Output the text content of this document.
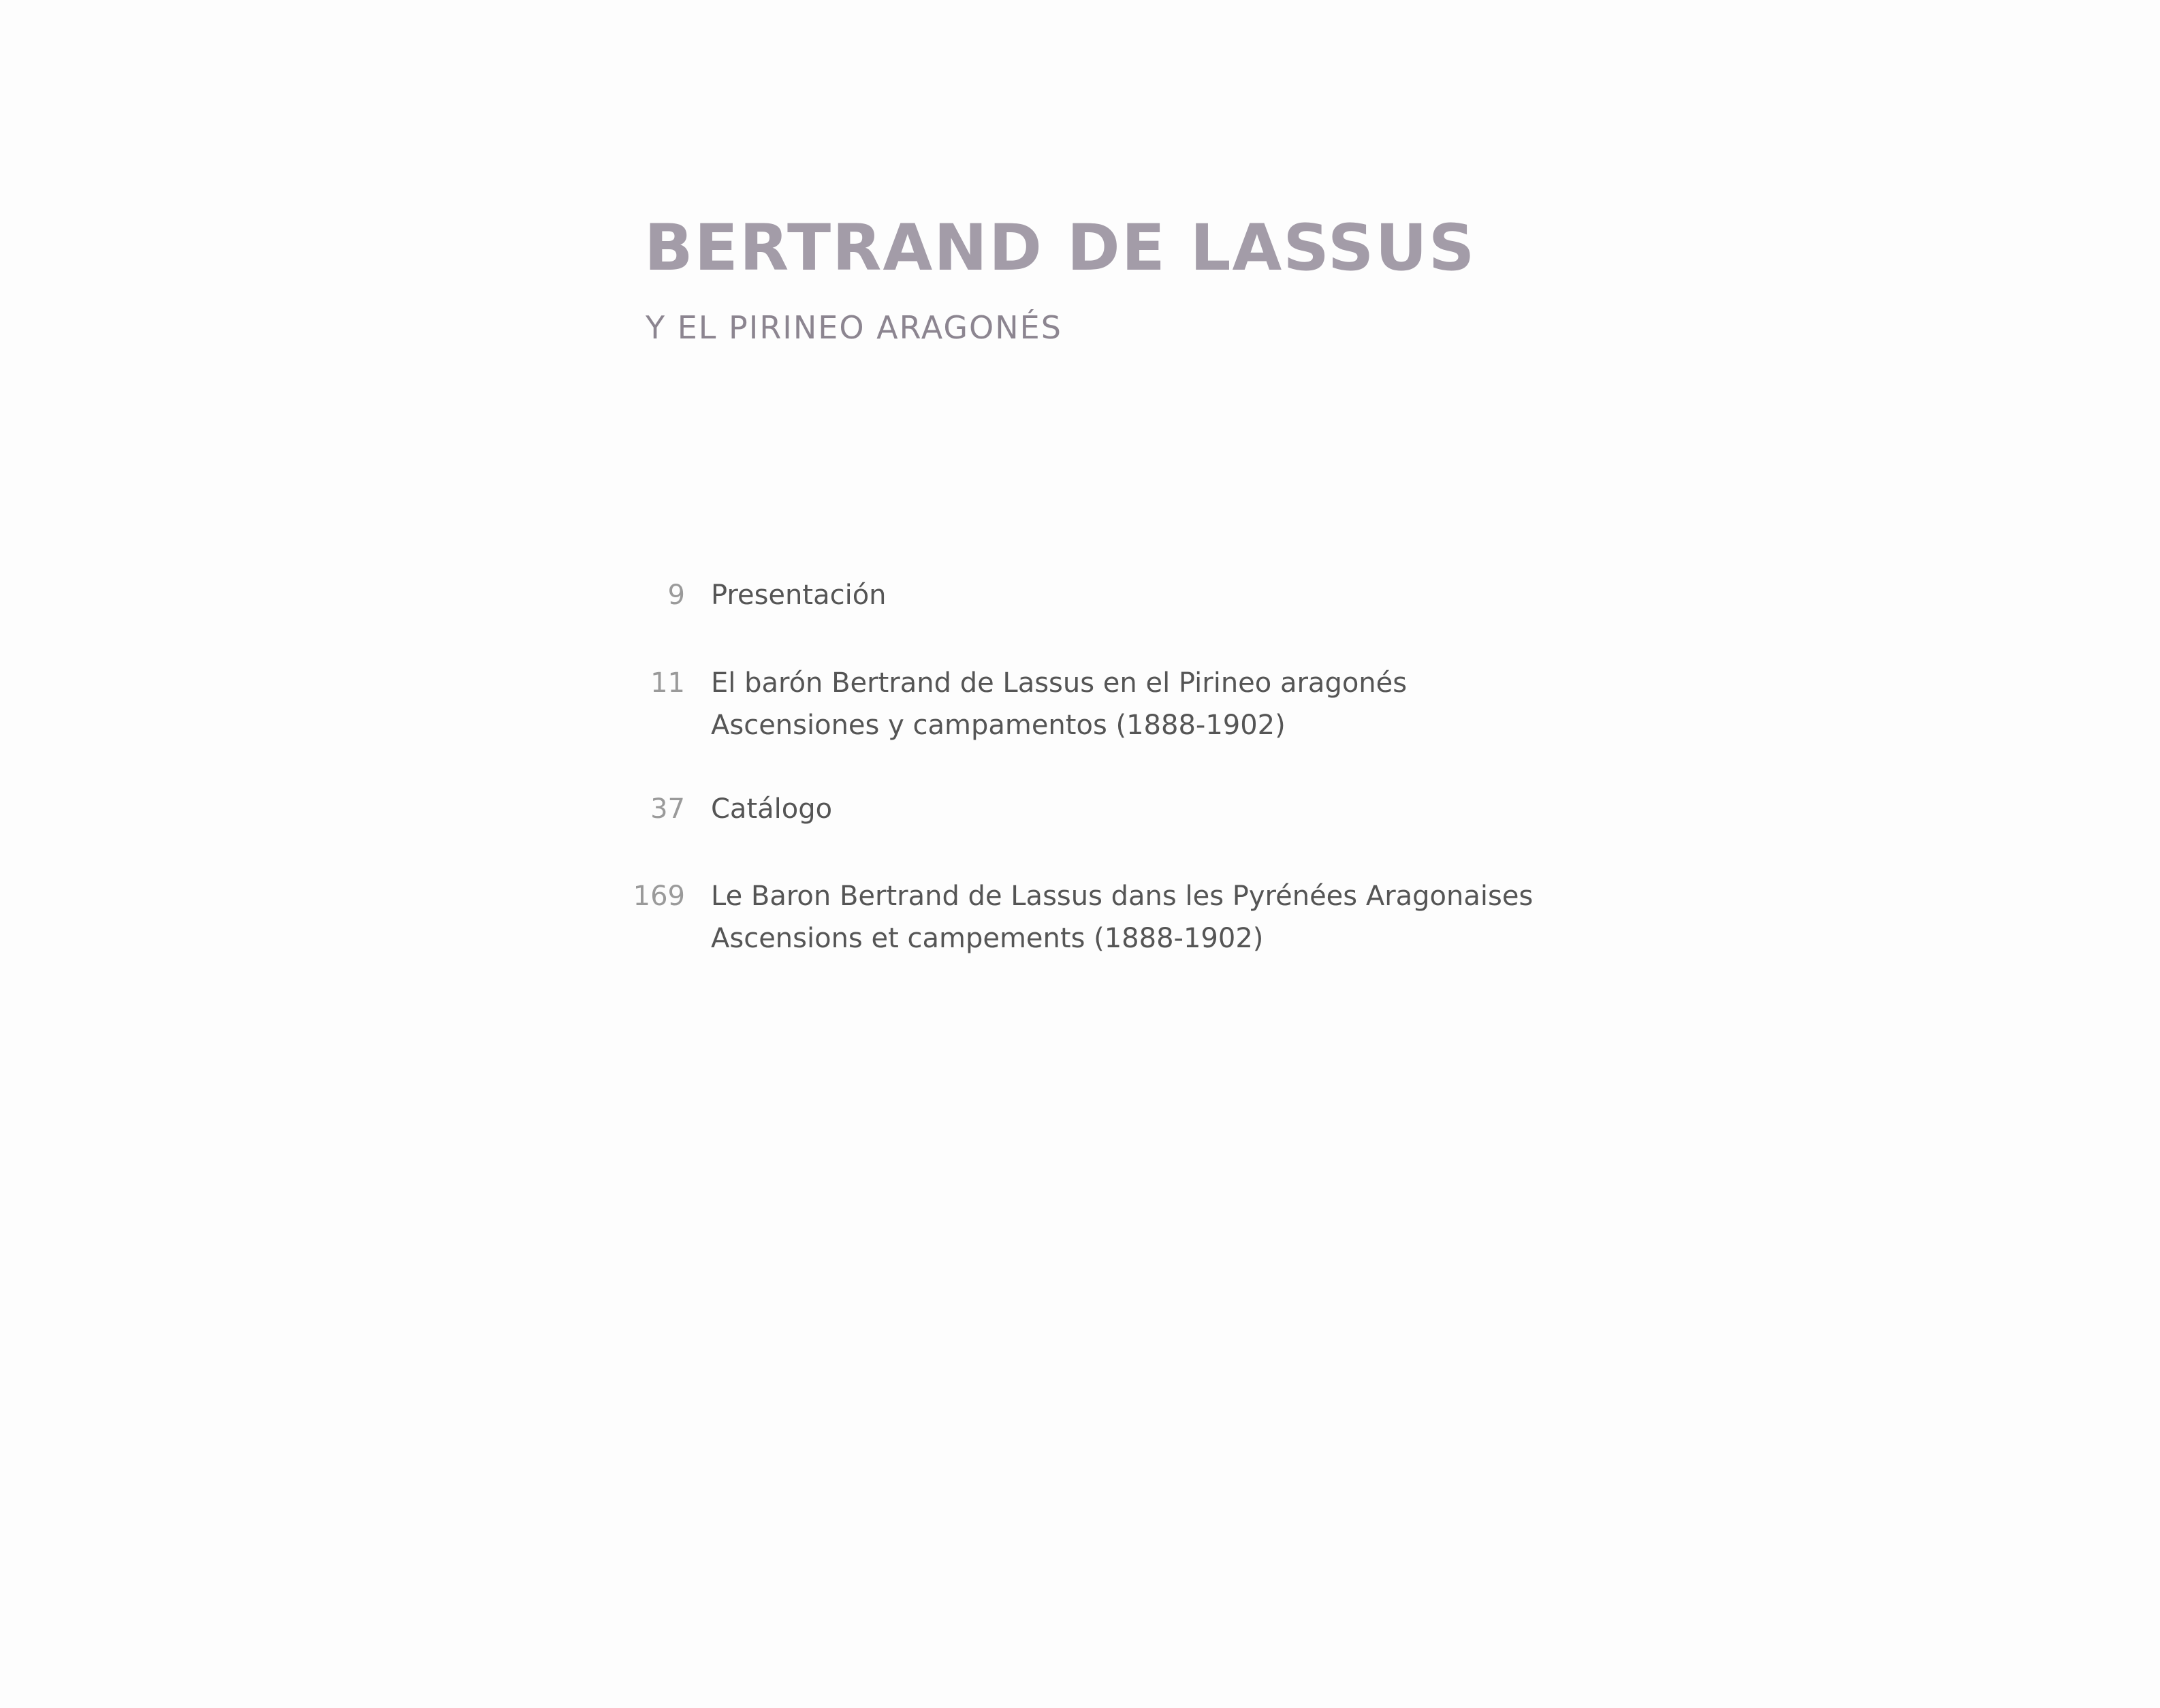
BERTRAND DE LASSUS
Y EL PIRINEO ARAGONÉS
9 Presentación
11 El barón Bertrand de Lassus en el Pirineo aragonés
Ascensiones y campamentos (1888-1902)
37 Catálogo
169 Le Baron Bertrand de Lassus dans les Pyrénées Aragonaises
Ascensions et campements (1888-1902)
